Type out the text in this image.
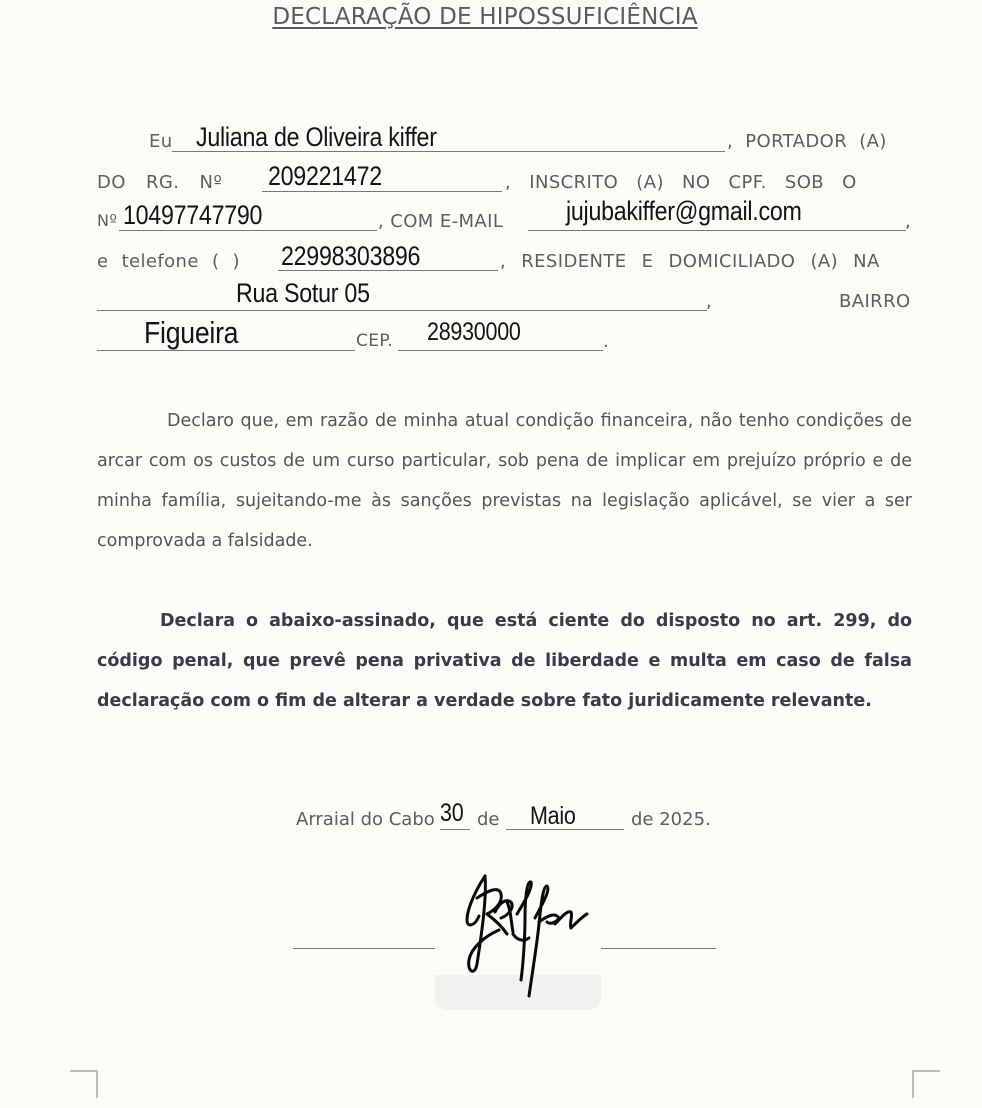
DECLARAÇÃO DE HIPOSSUFICIÊNCIA
Eu Juliana de Oliveira kiffer	, PORTADOR (A)
DO RG. Nº 209221472	, INSCRITO (A) NO CPF. SOB O
Nº 10497747790	, COM E-MAIL jujubakiffer@gmail.com	,
e telefone ( ) 22998303896	, RESIDENTE E DOMICILIADO (A) NA
Rua Sotur 05	,	BAIRRO
Figueira	CEP. 28930000	.

Declaro que, em razão de minha atual condição financeira, não tenho condições de arcar com os custos de um curso particular, sob pena de implicar em prejuízo próprio e de minha família, sujeitando-me às sanções previstas na legislação aplicável, se vier a ser comprovada a falsidade.

Declara o abaixo-assinado, que está ciente do disposto no art. 299, do código penal, que prevê pena privativa de liberdade e multa em caso de falsa declaração com o fim de alterar a verdade sobre fato juridicamente relevante.

Arraial do Cabo 30 de Maio	de 2025.
